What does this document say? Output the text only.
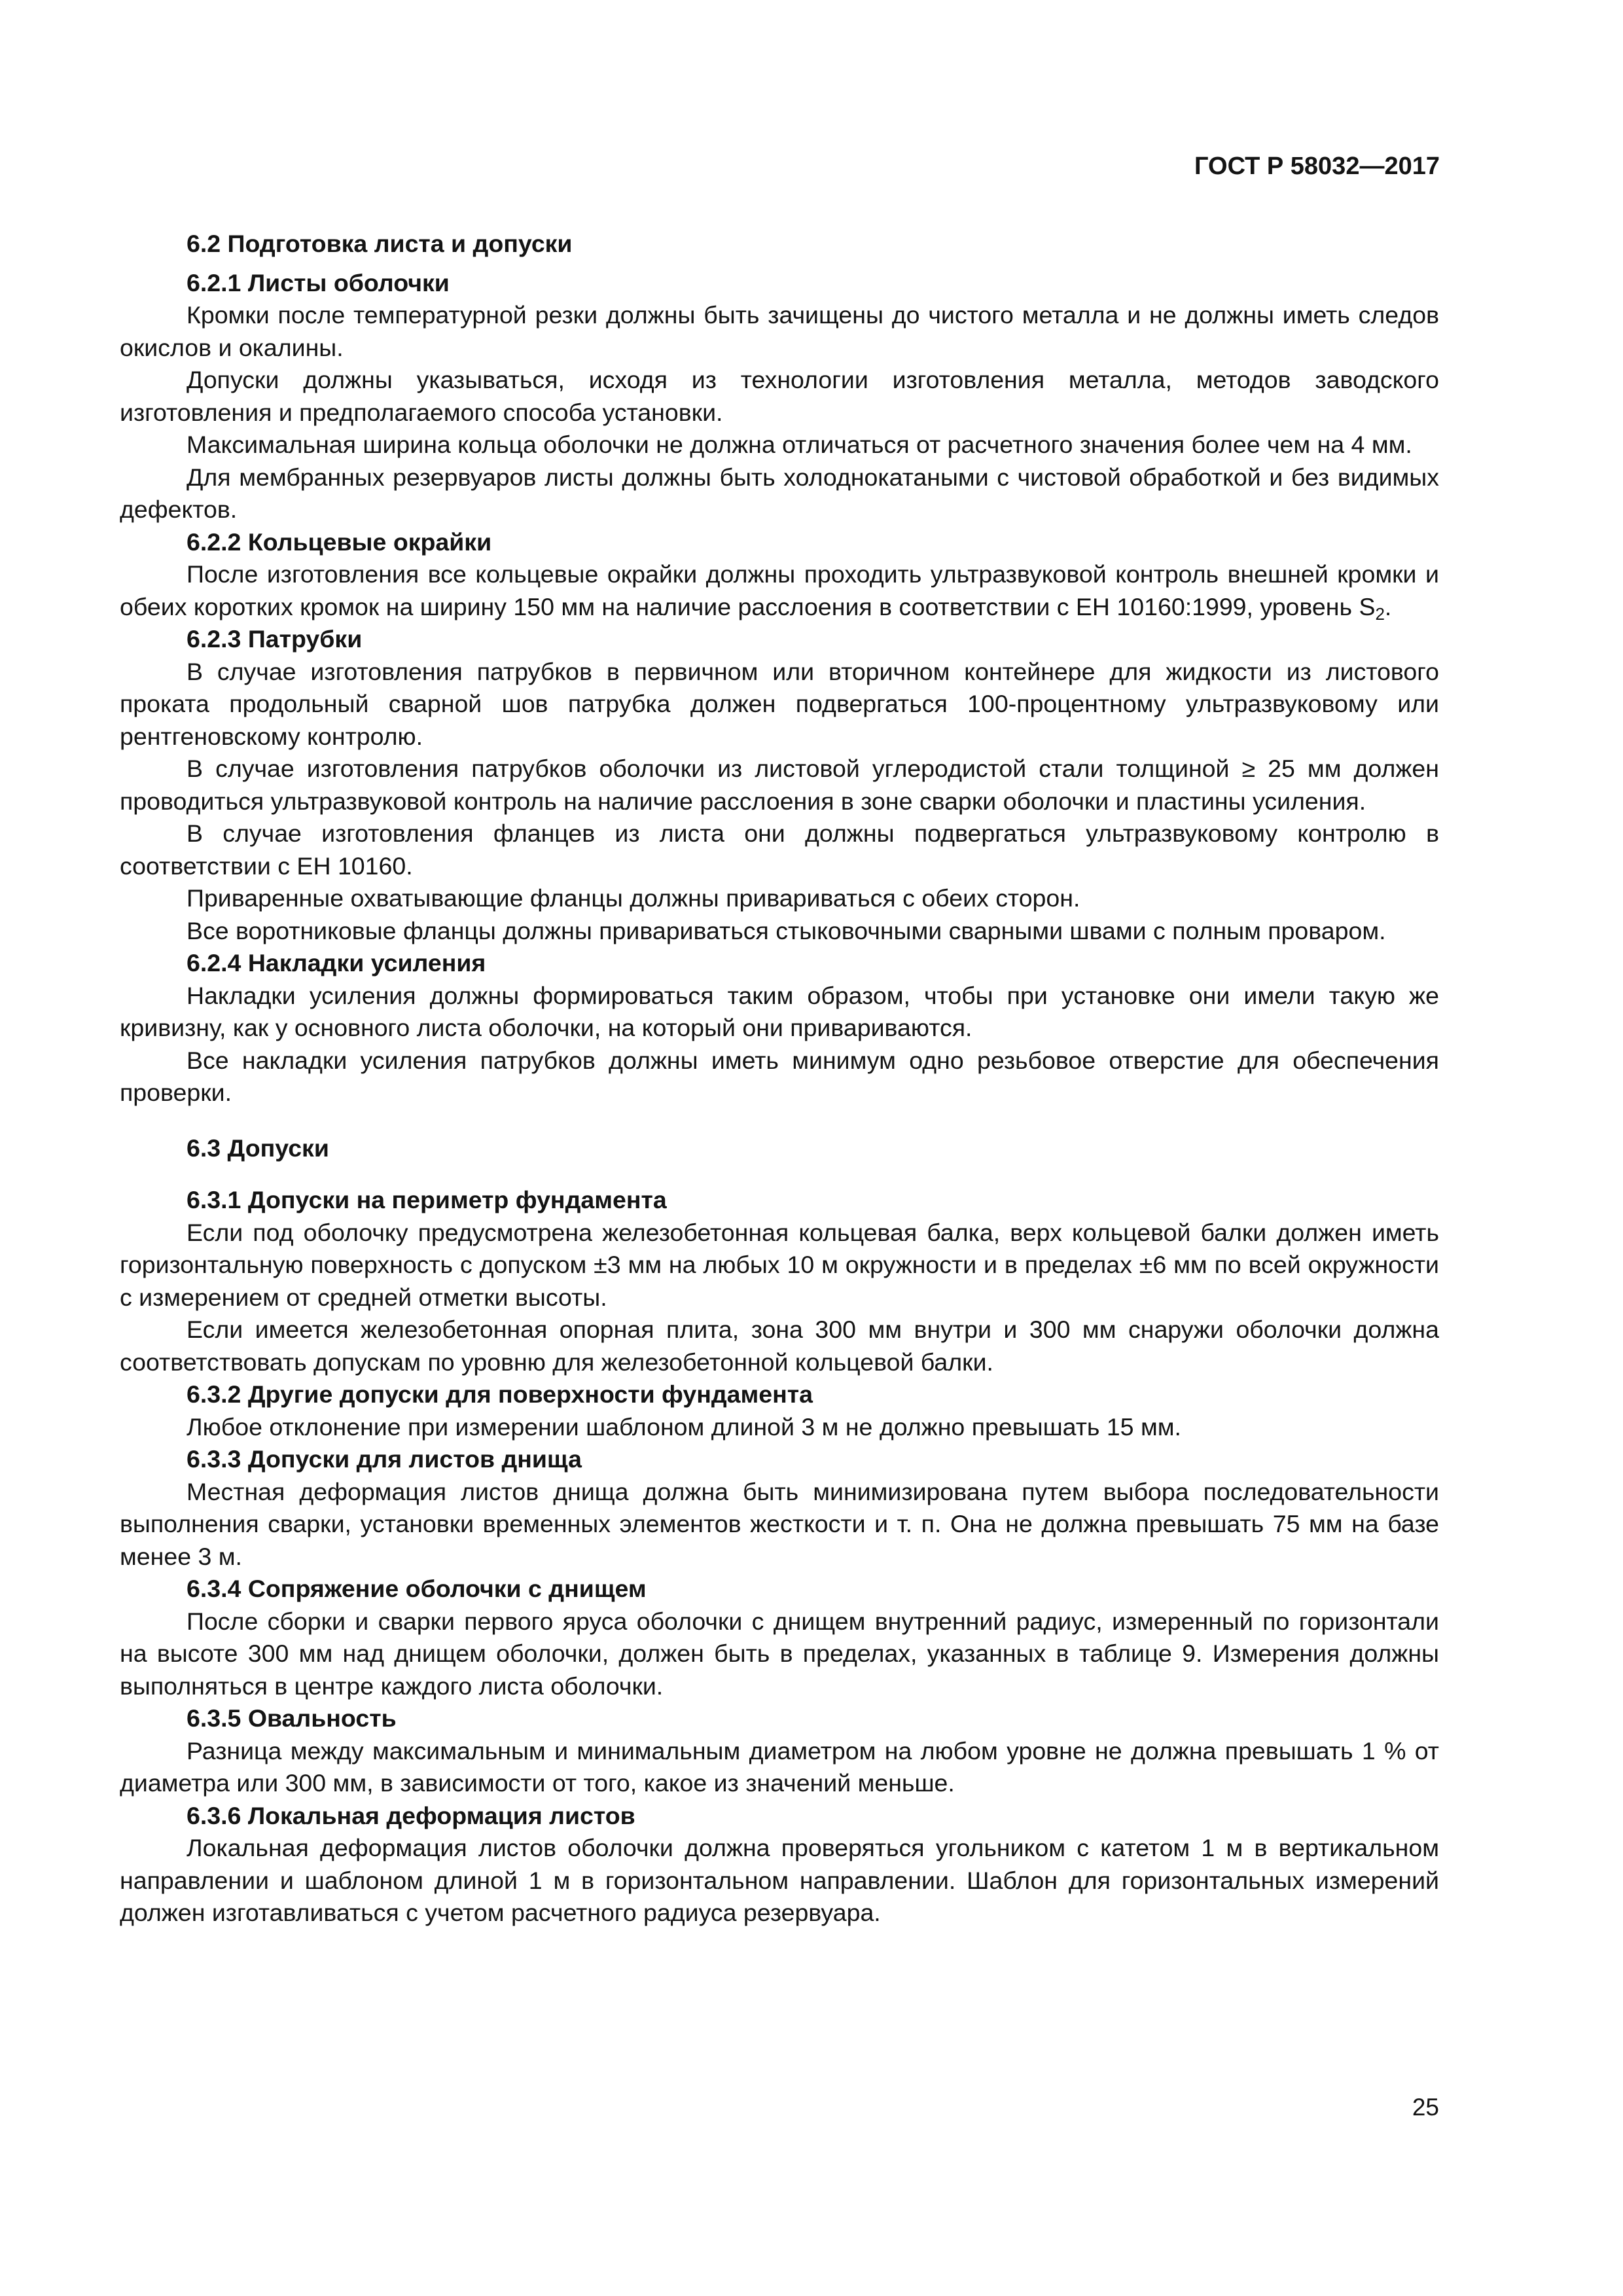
ГОСТ Р 58032—2017
6.2 Подготовка листа и допуски
6.2.1 Листы оболочки
Кромки после температурной резки должны быть зачищены до чистого металла и не должны иметь следов окислов и окалины.
Допуски должны указываться, исходя из технологии изготовления металла, методов заводского изготовления и предполагаемого способа установки.
Максимальная ширина кольца оболочки не должна отличаться от расчетного значения более чем на 4 мм.
Для мембранных резервуаров листы должны быть холоднокатаными с чистовой обработкой и без видимых дефектов.
6.2.2 Кольцевые окрайки
После изготовления все кольцевые окрайки должны проходить ультразвуковой контроль внешней кромки и обеих коротких кромок на ширину 150 мм на наличие расслоения в соответствии с ЕН 10160:1999, уровень $S_2$.
6.2.3 Патрубки
В случае изготовления патрубков в первичном или вторичном контейнере для жидкости из листового проката продольный сварной шов патрубка должен подвергаться 100-процентному ультразвуковому или рентгеновскому контролю.
В случае изготовления патрубков оболочки из листовой углеродистой стали толщиной ≥ 25 мм должен проводиться ультразвуковой контроль на наличие расслоения в зоне сварки оболочки и пластины усиления.
В случае изготовления фланцев из листа они должны подвергаться ультразвуковому контролю в соответствии с ЕН 10160.
Приваренные охватывающие фланцы должны привариваться с обеих сторон.
Все воротниковые фланцы должны привариваться стыковочными сварными швами с полным проваром.
6.2.4 Накладки усиления
Накладки усиления должны формироваться таким образом, чтобы при установке они имели такую же кривизну, как у основного листа оболочки, на который они привариваются.
Все накладки усиления патрубков должны иметь минимум одно резьбовое отверстие для обеспечения проверки.
6.3 Допуски
6.3.1 Допуски на периметр фундамента
Если под оболочку предусмотрена железобетонная кольцевая балка, верх кольцевой балки должен иметь горизонтальную поверхность с допуском ±3 мм на любых 10 м окружности и в пределах ±6 мм по всей окружности с измерением от средней отметки высоты.
Если имеется железобетонная опорная плита, зона 300 мм внутри и 300 мм снаружи оболочки должна соответствовать допускам по уровню для железобетонной кольцевой балки.
6.3.2 Другие допуски для поверхности фундамента
Любое отклонение при измерении шаблоном длиной 3 м не должно превышать 15 мм.
6.3.3 Допуски для листов днища
Местная деформация листов днища должна быть минимизирована путем выбора последовательности выполнения сварки, установки временных элементов жесткости и т. п. Она не должна превышать 75 мм на базе менее 3 м.
6.3.4 Сопряжение оболочки с днищем
После сборки и сварки первого яруса оболочки с днищем внутренний радиус, измеренный по горизонтали на высоте 300 мм над днищем оболочки, должен быть в пределах, указанных в таблице 9. Измерения должны выполняться в центре каждого листа оболочки.
6.3.5 Овальность
Разница между максимальным и минимальным диаметром на любом уровне не должна превышать 1 % от диаметра или 300 мм, в зависимости от того, какое из значений меньше.
6.3.6 Локальная деформация листов
Локальная деформация листов оболочки должна проверяться угольником с катетом 1 м в вертикальном направлении и шаблоном длиной 1 м в горизонтальном направлении. Шаблон для горизонтальных измерений должен изготавливаться с учетом расчетного радиуса резервуара.
25
